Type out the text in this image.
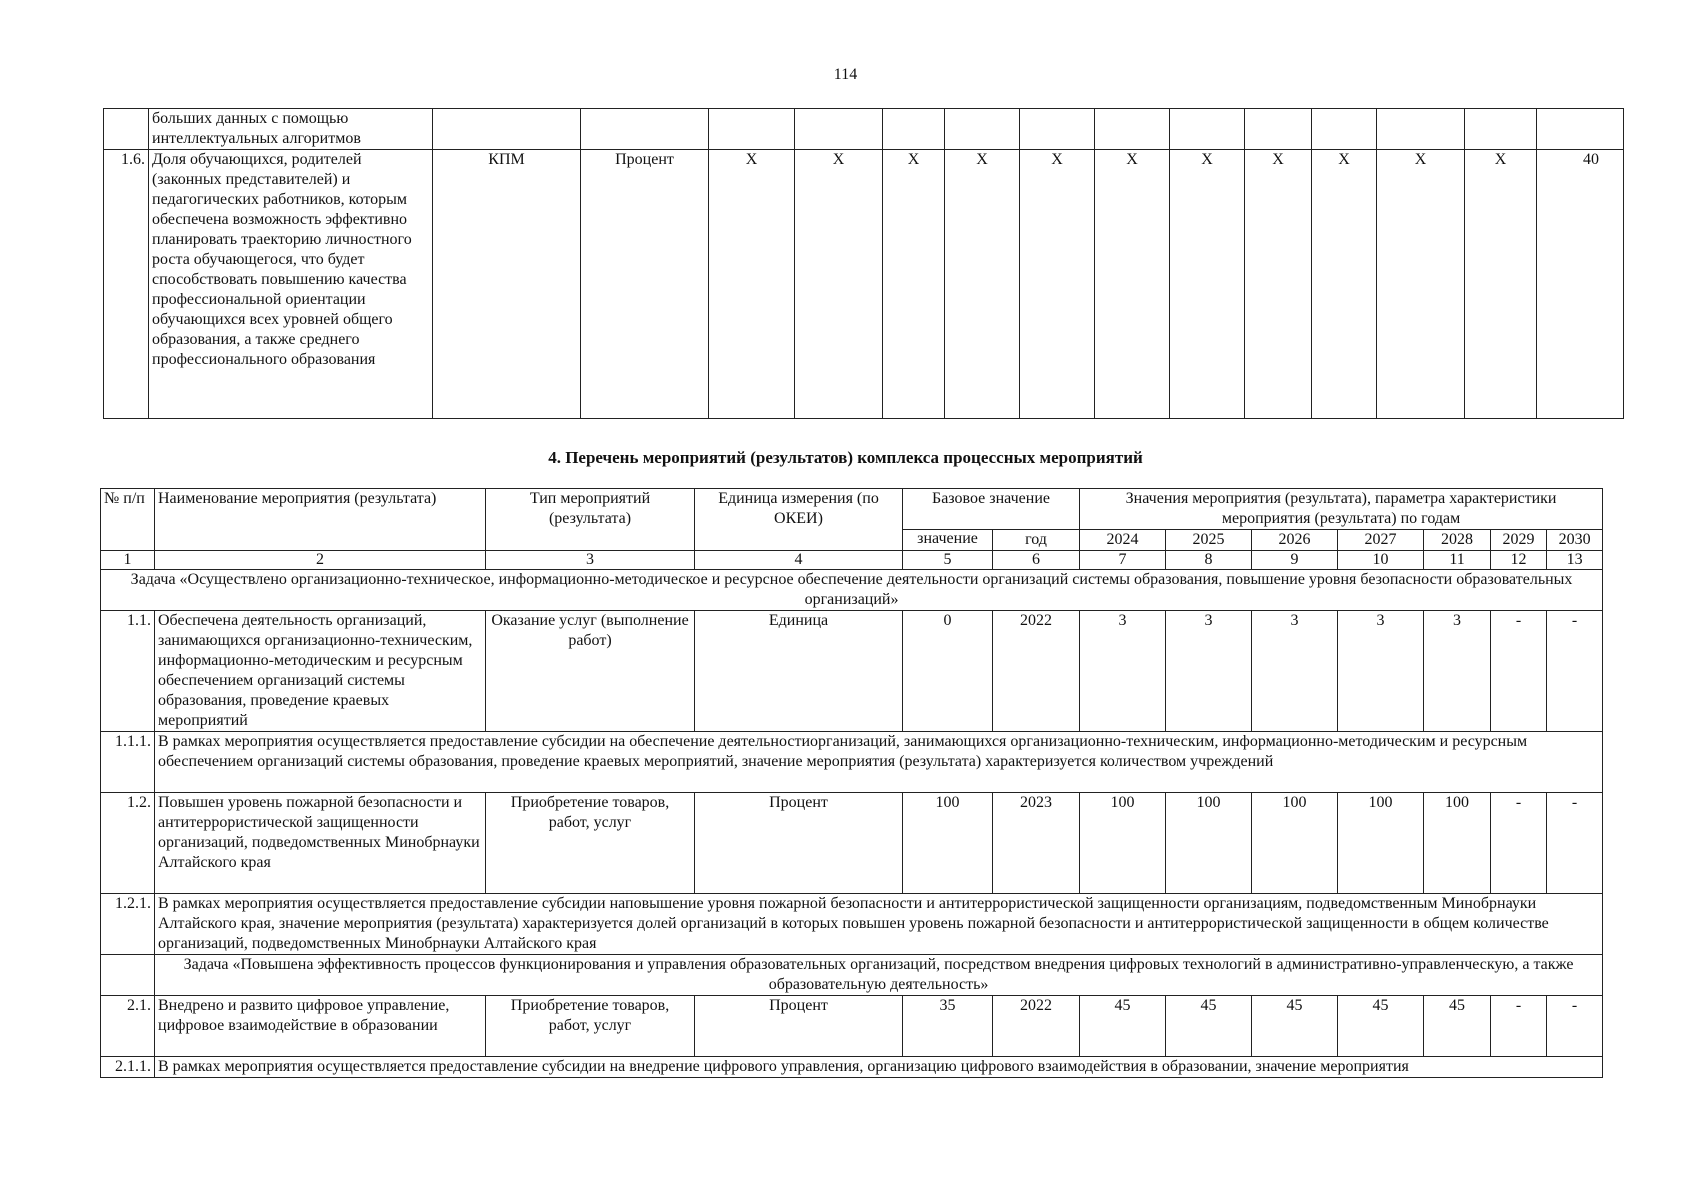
114
	больших данных с помощью интеллектуальных алгоритмов														
1.6.	Доля обучающихся, родителей (законных представителей) и педагогических работников, которым обеспечена возможность эффективно планировать траекторию личностного роста обучающегося, что будет способствовать повышению качества профессиональной ориентации обучающихся всех уровней общего образования, а также среднего профессионального образования	КПМ	Процент	Х	Х	Х	Х	Х	Х	Х	Х	Х	Х	Х	40
4. Перечень мероприятий (результатов) комплекса процессных мероприятий
№ п/п	Наименование мероприятия (результата)	Тип мероприятий (результата)	Единица измерения (по ОКЕИ)	Базовое значение		Значения мероприятия (результата), параметра характеристики мероприятия (результата) по годам						
				значение	год	2024	2025	2026	2027	2028	2029	2030
1	2	3	4	5	6	7	8	9	10	11	12	13
Задача «Осуществлено организационно-техническое, информационно-методическое и ресурсное обеспечение деятельности организаций системы образования, повышение уровня безопасности образовательных организаций»												
1.1.	Обеспечена деятельность организаций, занимающихся организационно-техническим, информационно-методическим и ресурсным обеспечением организаций системы образования, проведение краевых мероприятий	Оказание услуг (выполнение работ)	Единица	0	2022	3	3	3	3	3	-	-
1.1.1.	В рамках мероприятия осуществляется предоставление субсидии на обеспечение деятельностиорганизаций, занимающихся организационно-техническим, информационно-методическим и ресурсным обеспечением организаций системы образования, проведение краевых мероприятий, значение мероприятия (результата) характеризуется количеством учреждений											
1.2.	Повышен уровень пожарной безопасности и антитеррористической защищенности организаций, подведомственных Минобрнауки Алтайского края	Приобретение товаров, работ, услуг	Процент	100	2023	100	100	100	100	100	-	-
1.2.1.	В рамках мероприятия осуществляется предоставление субсидии наповышение уровня пожарной безопасности и антитеррористической защищенности организациям, подведомственным Минобрнауки Алтайского края, значение мероприятия (результата) характеризуется долей организаций в которых повышен уровень пожарной безопасности и антитеррористической защищенности в общем количестве организаций, подведомственных Минобрнауки Алтайского края											
	Задача «Повышена эффективность процессов функционирования и управления образовательных организаций, посредством внедрения цифровых технологий в административно-управленческую, а также образовательную деятельность»											
2.1.	Внедрено и развито цифровое управление, цифровое взаимодействие в образовании	Приобретение товаров, работ, услуг	Процент	35	2022	45	45	45	45	45	-	-
2.1.1.	В рамках мероприятия осуществляется предоставление субсидии на внедрение цифрового управления, организацию цифрового взаимодействия в образовании, значение мероприятия											
